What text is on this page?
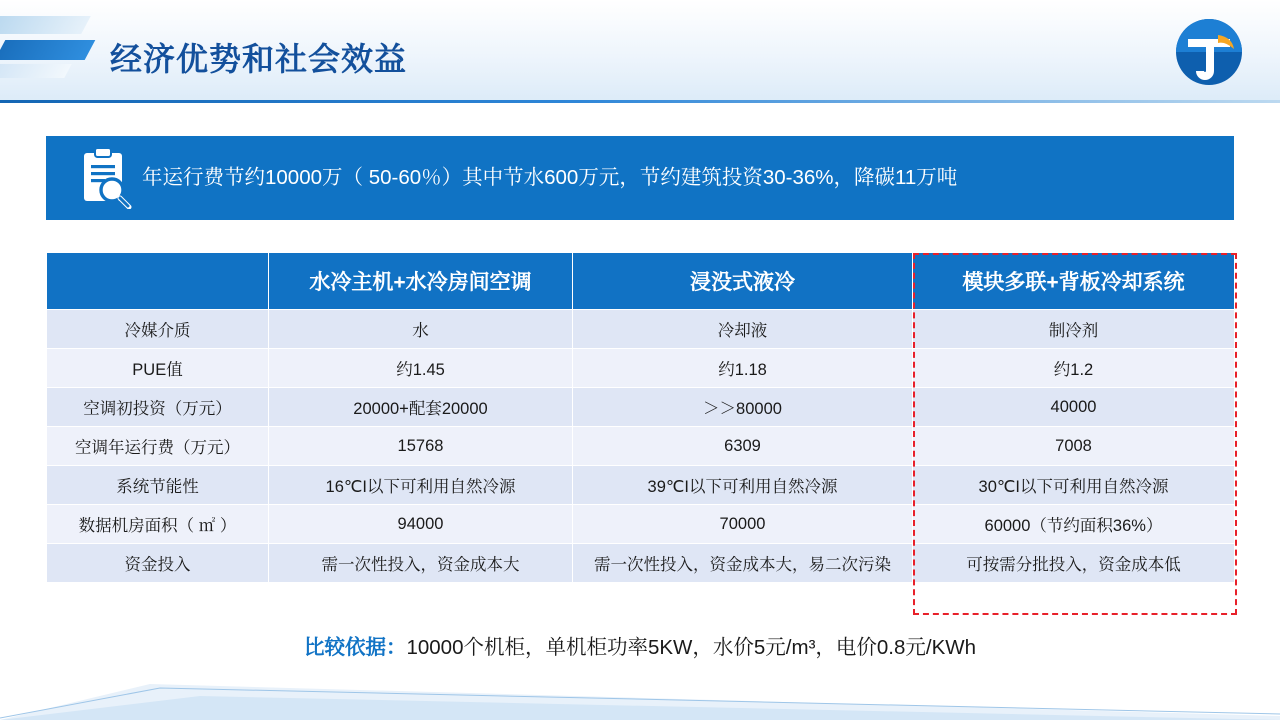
经济优势和社会效益
年运行费节约10000万（ 50-60％）其中节水600万元，节约建筑投资30-36%，降碳11万吨
	水冷主机+水冷房间空调	浸没式液冷	模块多联+背板冷却系统
冷媒介质	水	冷却液	制冷剂
PUE值	约1.45	约1.18	约1.2
空调初投资（万元）	20000+配套20000	＞＞80000	40000
空调年运行费（万元）	15768	6309	7008
系统节能性	16℃I以下可利用自然冷源	39℃I以下可利用自然冷源	30℃I以下可利用自然冷源
数据机房面积（ ㎡ ）	94000	70000	60000（节约面积36%）
资金投入	需一次性投入，资金成本大	需一次性投入，资金成本大，易二次污染	可按需分批投入，资金成本低
比较依据：10000个机柜，单机柜功率5KW，水价5元/m³，电价0.8元/KWh
